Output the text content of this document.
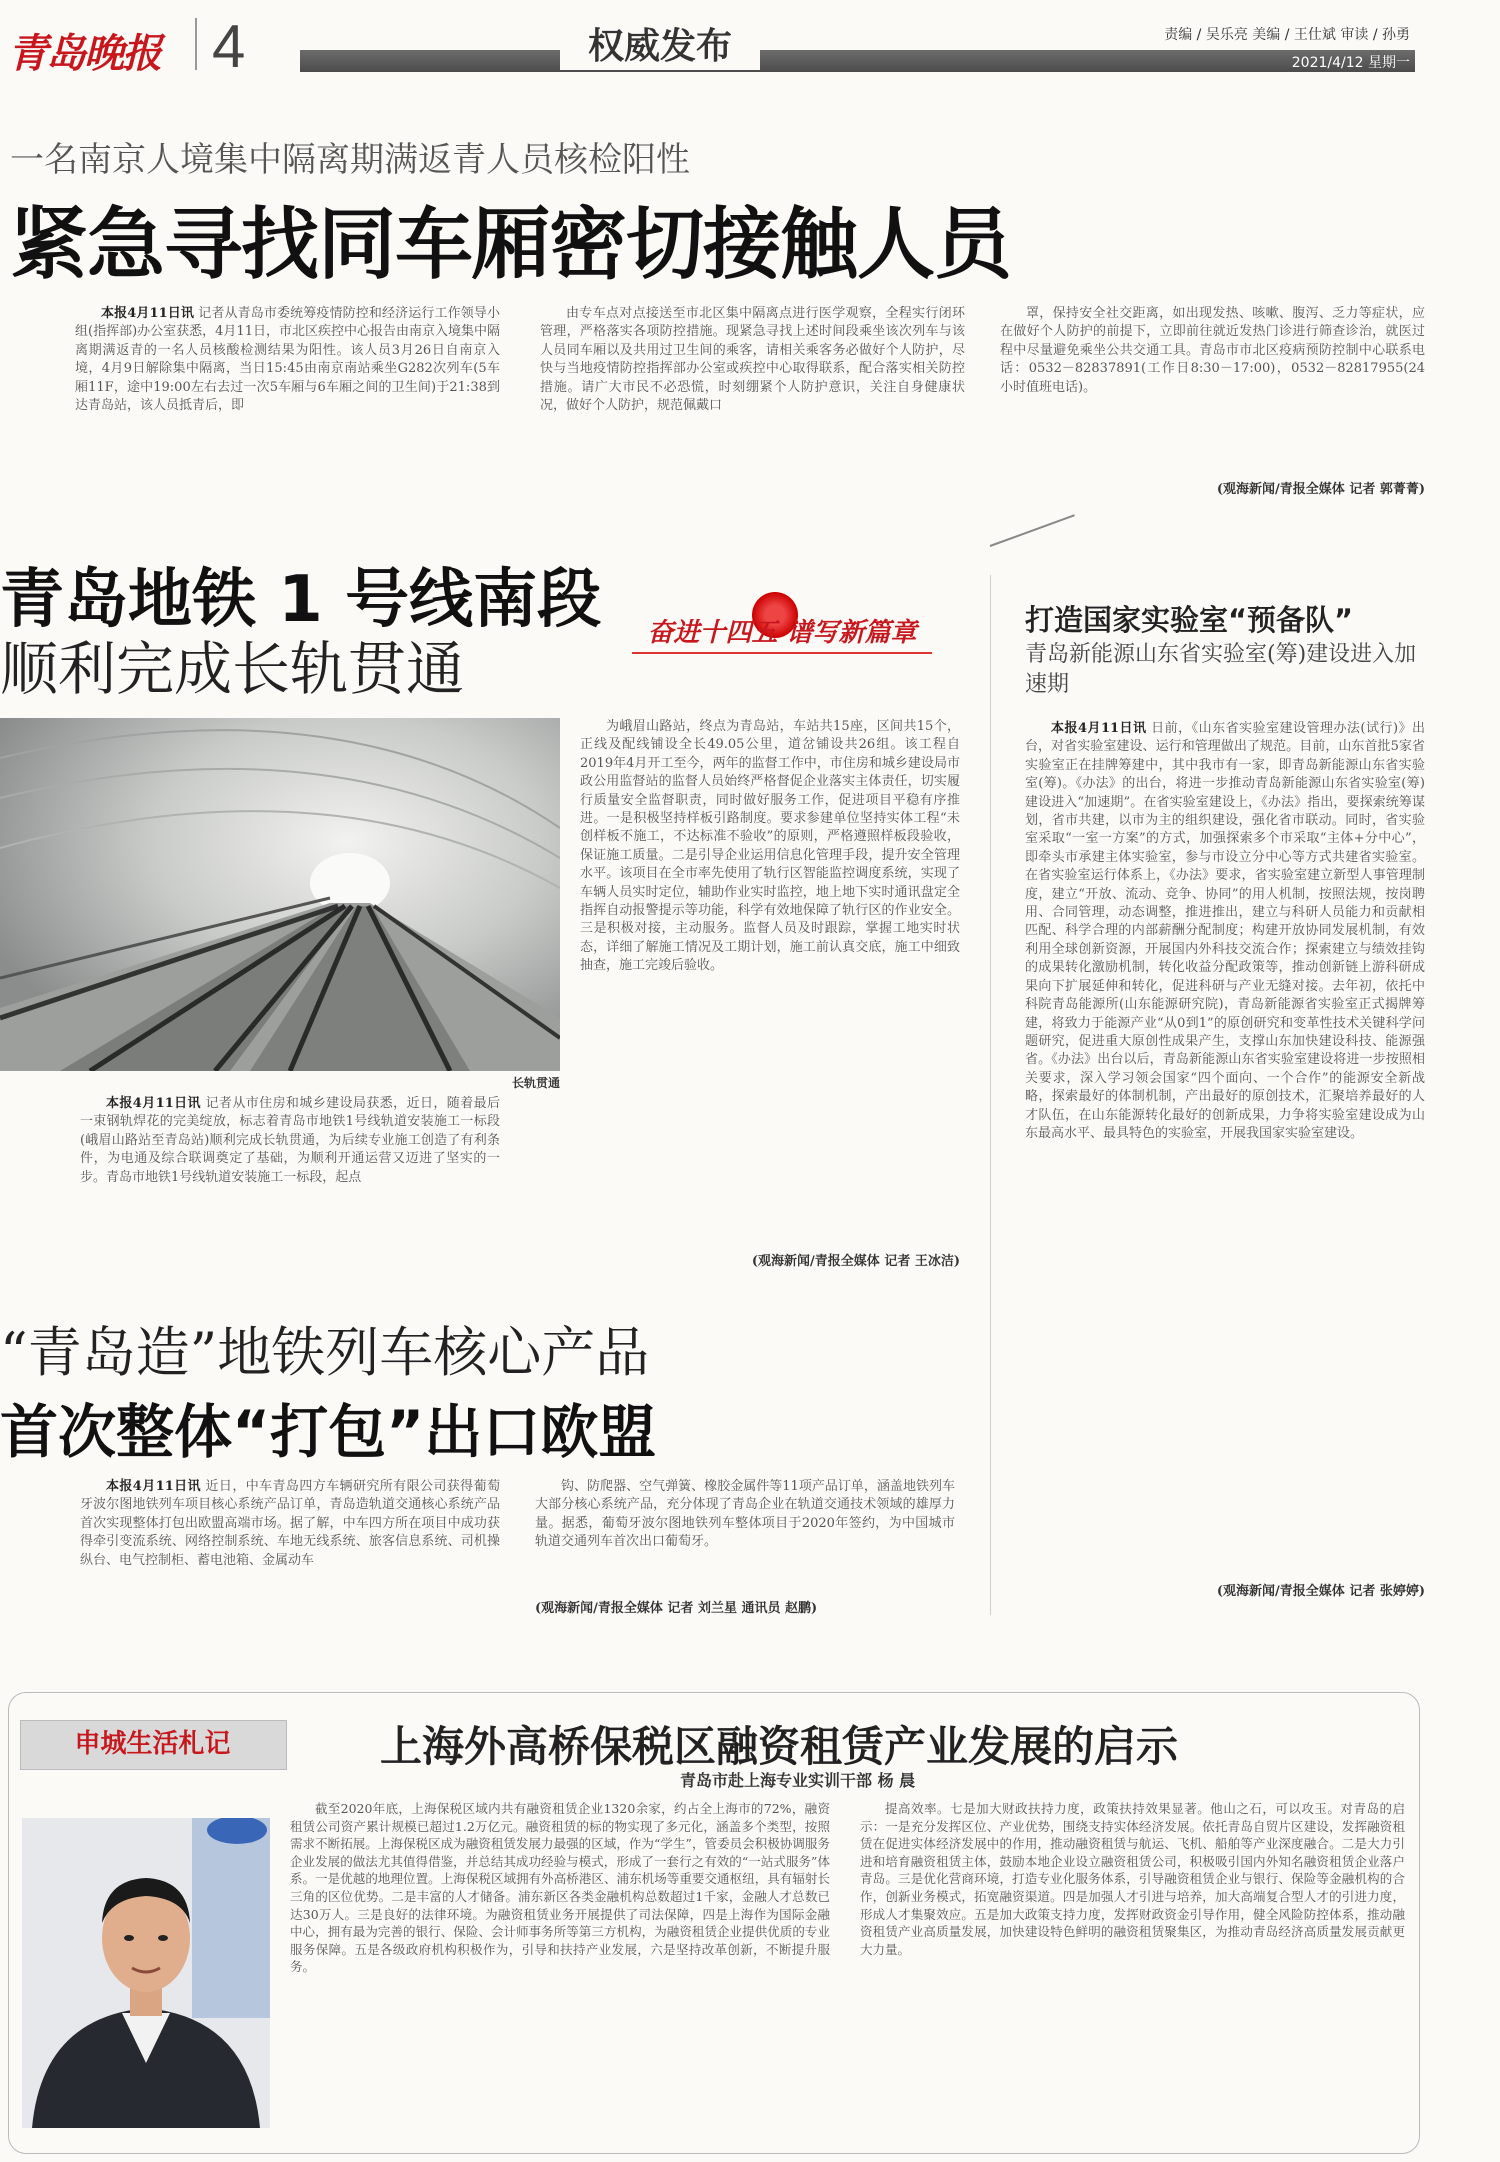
青岛晚报 4	权威发布	责编 / 吴乐亮 美编 / 王仕斌 审读 / 孙勇
2021/4/12 星期一
一名南京人境集中隔离期满返青人员核检阳性
紧急寻找同车厢密切接触人员

本报4月11日讯 记者从青岛市委统筹疫情防控和经济运行工作领导小组(指挥部)办公室获悉，4月11日，市北区疾控中心报告由南京入境集中隔离期满返青的一名人员核酸检测结果为阳性。该人员3月26日自南京入境，4月9日解除集中隔离，当日15:45由南京南站乘坐G282次列车(5车厢11F，途中19:00左右去过一次5车厢与6车厢之间的卫生间)于21:38到达青岛站，该人员抵青后，即

由专车点对点接送至市北区集中隔离点进行医学观察，全程实行闭环管理，严格落实各项防控措施。现紧急寻找上述时间段乘坐该次列车与该人员同车厢以及共用过卫生间的乘客，请相关乘客务必做好个人防护，尽快与当地疫情防控指挥部办公室或疾控中心取得联系，配合落实相关防控措施。请广大市民不必恐慌，时刻绷紧个人防护意识，关注自身健康状况，做好个人防护，规范佩戴口

罩，保持安全社交距离，如出现发热、咳嗽、腹泻、乏力等症状，应在做好个人防护的前提下，立即前往就近发热门诊进行筛查诊治，就医过程中尽量避免乘坐公共交通工具。青岛市市北区疫病预防控制中心联系电话：0532－82837891(工作日8:30－17:00)，0532－82817955(24小时值班电话)。

(观海新闻/青报全媒体 记者 郭菁菁)
青岛地铁 1 号线南段
顺利完成长轨贯通
奋进十四五 谱写新篇章
长轨贯通

本报4月11日讯 记者从市住房和城乡建设局获悉，近日，随着最后一束钢轨焊花的完美绽放，标志着青岛市地铁1号线轨道安装施工一标段(峨眉山路站至青岛站)顺利完成长轨贯通，为后续专业施工创造了有利条件，为电通及综合联调奠定了基础，为顺利开通运营又迈进了坚实的一步。青岛市地铁1号线轨道安装施工一标段，起点

为峨眉山路站，终点为青岛站，车站共15座，区间共15个，正线及配线铺设全长49.05公里，道岔铺设共26组。该工程自2019年4月开工至今，两年的监督工作中，市住房和城乡建设局市政公用监督站的监督人员始终严格督促企业落实主体责任，切实履行质量安全监督职责，同时做好服务工作，促进项目平稳有序推进。一是积极坚持样板引路制度。要求参建单位坚持实体工程“未创样板不施工，不达标准不验收”的原则，严格遵照样板段验收，保证施工质量。二是引导企业运用信息化管理手段，提升安全管理水平。该项目在全市率先使用了轨行区智能监控调度系统，实现了车辆人员实时定位，辅助作业实时监控，地上地下实时通讯盘定全指挥自动报警提示等功能，科学有效地保障了轨行区的作业安全。三是积极对接，主动服务。监督人员及时跟踪，掌握工地实时状态，详细了解施工情况及工期计划，施工前认真交底，施工中细致抽查，施工完竣后验收。

(观海新闻/青报全媒体 记者 王冰洁)
打造国家实验室“预备队”
青岛新能源山东省实验室(筹)建设进入加速期

本报4月11日讯 日前，《山东省实验室建设管理办法(试行)》出台，对省实验室建设、运行和管理做出了规范。目前，山东首批5家省实验室正在挂牌筹建中，其中我市有一家，即青岛新能源山东省实验室(筹)。《办法》的出台，将进一步推动青岛新能源山东省实验室(筹)建设进入“加速期”。在省实验室建设上，《办法》指出，要探索统筹谋划，省市共建，以市为主的组织建设，强化省市联动。同时，省实验室采取“一室一方案”的方式，加强探索多个市采取“主体+分中心”，即牵头市承建主体实验室，参与市设立分中心等方式共建省实验室。在省实验室运行体系上，《办法》要求，省实验室建立新型人事管理制度，建立“开放、流动、竞争、协同”的用人机制，按照法规，按岗聘用、合同管理，动态调整，推进推出，建立与科研人员能力和贡献相匹配、科学合理的内部薪酬分配制度；构建开放协同发展机制，有效利用全球创新资源，开展国内外科技交流合作；探索建立与绩效挂钩的成果转化激励机制，转化收益分配政策等，推动创新链上游科研成果向下扩展延伸和转化，促进科研与产业无缝对接。去年初，依托中科院青岛能源所(山东能源研究院)，青岛新能源省实验室正式揭牌筹建，将致力于能源产业“从0到1”的原创研究和变革性技术关键科学问题研究，促进重大原创性成果产生，支撑山东加快建设科技、能源强省。《办法》出台以后，青岛新能源山东省实验室建设将进一步按照相关要求，深入学习领会国家“四个面向、一个合作”的能源安全新战略，探索最好的体制机制，产出最好的原创技术，汇聚培养最好的人才队伍，在山东能源转化最好的创新成果，力争将实验室建设成为山东最高水平、最具特色的实验室，开展我国家实验室建设。

(观海新闻/青报全媒体 记者 张婷婷)
“青岛造”地铁列车核心产品
首次整体“打包”出口欧盟

本报4月11日讯 近日，中车青岛四方车辆研究所有限公司获得葡萄牙波尔图地铁列车项目核心系统产品订单，青岛造轨道交通核心系统产品首次实现整体打包出欧盟高端市场。据了解，中车四方所在项目中成功获得牵引变流系统、网络控制系统、车地无线系统、旅客信息系统、司机操纵台、电气控制柜、蓄电池箱、金属动车

钩、防爬器、空气弹簧、橡胶金属件等11项产品订单，涵盖地铁列车大部分核心系统产品，充分体现了青岛企业在轨道交通技术领域的雄厚力量。据悉，葡萄牙波尔图地铁列车整体项目于2020年签约，为中国城市轨道交通列车首次出口葡萄牙。

(观海新闻/青报全媒体 记者 刘兰星 通讯员 赵鹏)
申城生活札记	上海外高桥保税区融资租赁产业发展的启示
青岛市赴上海专业实训干部 杨 晨

截至2020年底，上海保税区域内共有融资租赁企业1320余家，约占全上海市的72%，融资租赁公司资产累计规模已超过1.2万亿元。融资租赁的标的物实现了多元化，涵盖多个类型，按照需求不断拓展。上海保税区成为融资租赁发展力最强的区域，作为“学生”，管委员会积极协调服务企业发展的做法尤其值得借鉴，并总结其成功经验与模式，形成了一套行之有效的“一站式服务”体系。一是优越的地理位置。上海保税区域拥有外高桥港区、浦东机场等重要交通枢纽，具有辐射长三角的区位优势。二是丰富的人才储备。浦东新区各类金融机构总数超过1千家，金融人才总数已达30万人。三是良好的法律环境。为融资租赁业务开展提供了司法保障，四是上海作为国际金融中心，拥有最为完善的银行、保险、会计师事务所等第三方机构，为融资租赁企业提供优质的专业服务保障。五是各级政府机构积极作为，引导和扶持产业发展，六是坚持改革创新，不断提升服务。

提高效率。七是加大财政扶持力度，政策扶持效果显著。他山之石，可以攻玉。对青岛的启示：一是充分发挥区位、产业优势，围绕支持实体经济发展。依托青岛自贸片区建设，发挥融资租赁在促进实体经济发展中的作用，推动融资租赁与航运、飞机、船舶等产业深度融合。二是大力引进和培育融资租赁主体，鼓励本地企业设立融资租赁公司，积极吸引国内外知名融资租赁企业落户青岛。三是优化营商环境，打造专业化服务体系，引导融资租赁企业与银行、保险等金融机构的合作，创新业务模式，拓宽融资渠道。四是加强人才引进与培养，加大高端复合型人才的引进力度，形成人才集聚效应。五是加大政策支持力度，发挥财政资金引导作用，健全风险防控体系，推动融资租赁产业高质量发展，加快建设特色鲜明的融资租赁聚集区，为推动青岛经济高质量发展贡献更大力量。
